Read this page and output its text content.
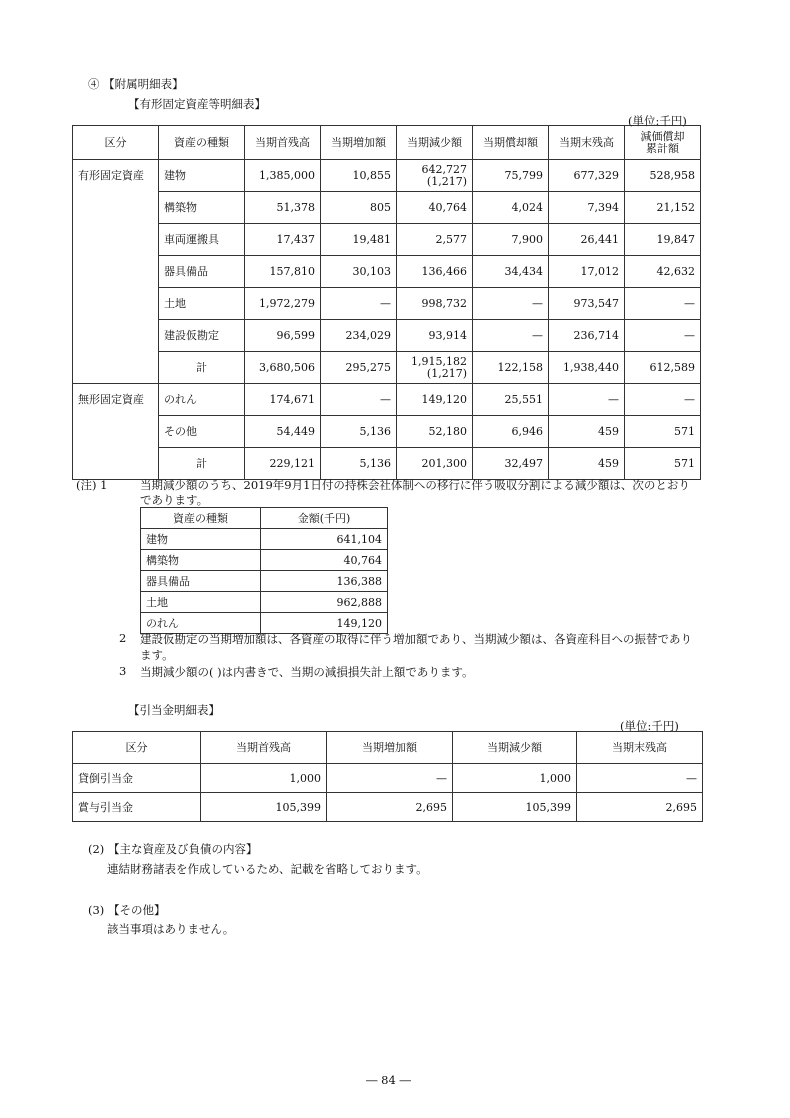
④ 【附属明細表】
【有形固定資産等明細表】
(単位:千円)
区分	資産の種類	当期首残高	当期増加額	当期減少額	当期償却額	当期末残高	減価償却
累計額
有形固定資産	建物	1,385,000	10,855	642,727
(1,217)	75,799	677,329	528,958
	構築物	51,378	805	40,764	4,024	7,394	21,152
	車両運搬具	17,437	19,481	2,577	7,900	26,441	19,847
	器具備品	157,810	30,103	136,466	34,434	17,012	42,632
	土地	1,972,279	—	998,732	—	973,547	—
	建設仮勘定	96,599	234,029	93,914	—	236,714	—
	計	3,680,506	295,275	1,915,182
(1,217)	122,158	1,938,440	612,589
無形固定資産	のれん	174,671	—	149,120	25,551	—	—
	その他	54,449	5,136	52,180	6,946	459	571
	計	229,121	5,136	201,300	32,497	459	571
(注) 1	当期減少額のうち、2019年9月1日付の持株会社体制への移行に伴う吸収分割による減少額は、次のとおり
であります。
資産の種類	金額(千円)
建物	641,104
構築物	40,764
器具備品	136,388
土地	962,888
のれん	149,120
2 建設仮勘定の当期増加額は、各資産の取得に伴う増加額であり、当期減少額は、各資産科目への振替であり
ます。
3 当期減少額の( )は内書きで、当期の減損損失計上額であります。
【引当金明細表】
(単位:千円)
区分	当期首残高	当期増加額	当期減少額	当期末残高
貸倒引当金	1,000	—	1,000	—
賞与引当金	105,399	2,695	105,399	2,695
(2) 【主な資産及び負債の内容】
連結財務諸表を作成しているため、記載を省略しております。
(3) 【その他】
該当事項はありません。
― 84 ―
